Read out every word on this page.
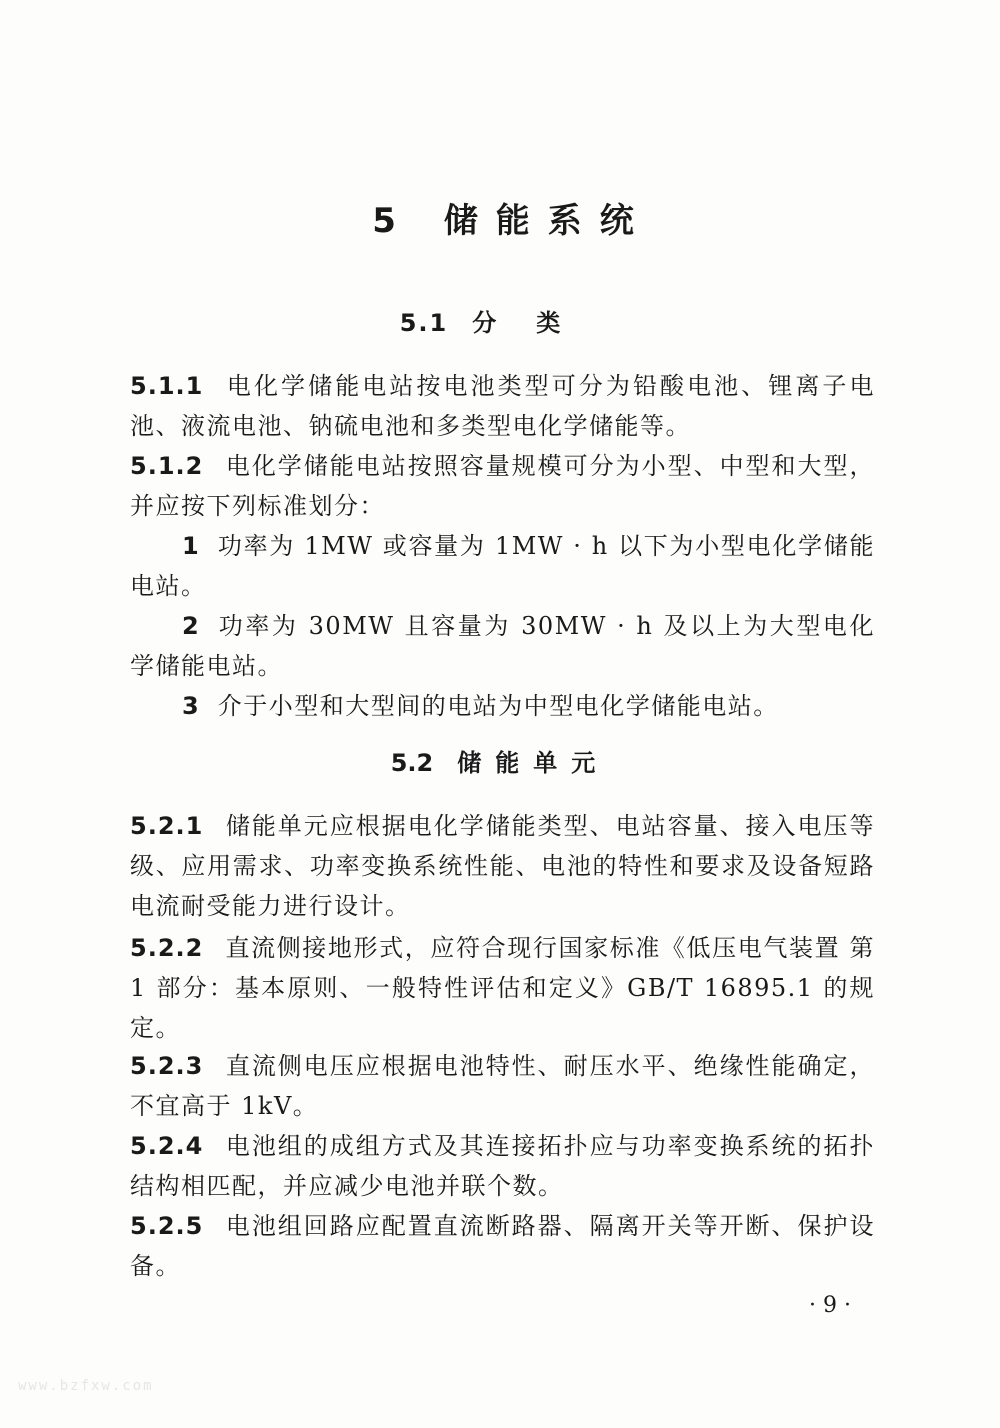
5 储能系统
5.1 分类
5.1.1 电化学储能电站按电池类型可分为铅酸电池、锂离子电池、液流电池、钠硫电池和多类型电化学储能等。
5.1.2 电化学储能电站按照容量规模可分为小型、中型和大型，并应按下列标准划分：
1 功率为 1MW 或容量为 1MW · h 以下为小型电化学储能电站。
2 功率为 30MW 且容量为 30MW · h 及以上为大型电化学储能电站。
3 介于小型和大型间的电站为中型电化学储能电站。
5.2 储能单元
5.2.1 储能单元应根据电化学储能类型、电站容量、接入电压等级、应用需求、功率变换系统性能、电池的特性和要求及设备短路电流耐受能力进行设计。
5.2.2 直流侧接地形式，应符合现行国家标准《低压电气装置 第 1 部分：基本原则、一般特性评估和定义》GB/T 16895.1 的规定。
5.2.3 直流侧电压应根据电池特性、耐压水平、绝缘性能确定，不宜高于 1kV。
5.2.4 电池组的成组方式及其连接拓扑应与功率变换系统的拓扑结构相匹配，并应减少电池并联个数。
5.2.5 电池组回路应配置直流断路器、隔离开关等开断、保护设备。
· 9 ·
www.bzfxw.com
